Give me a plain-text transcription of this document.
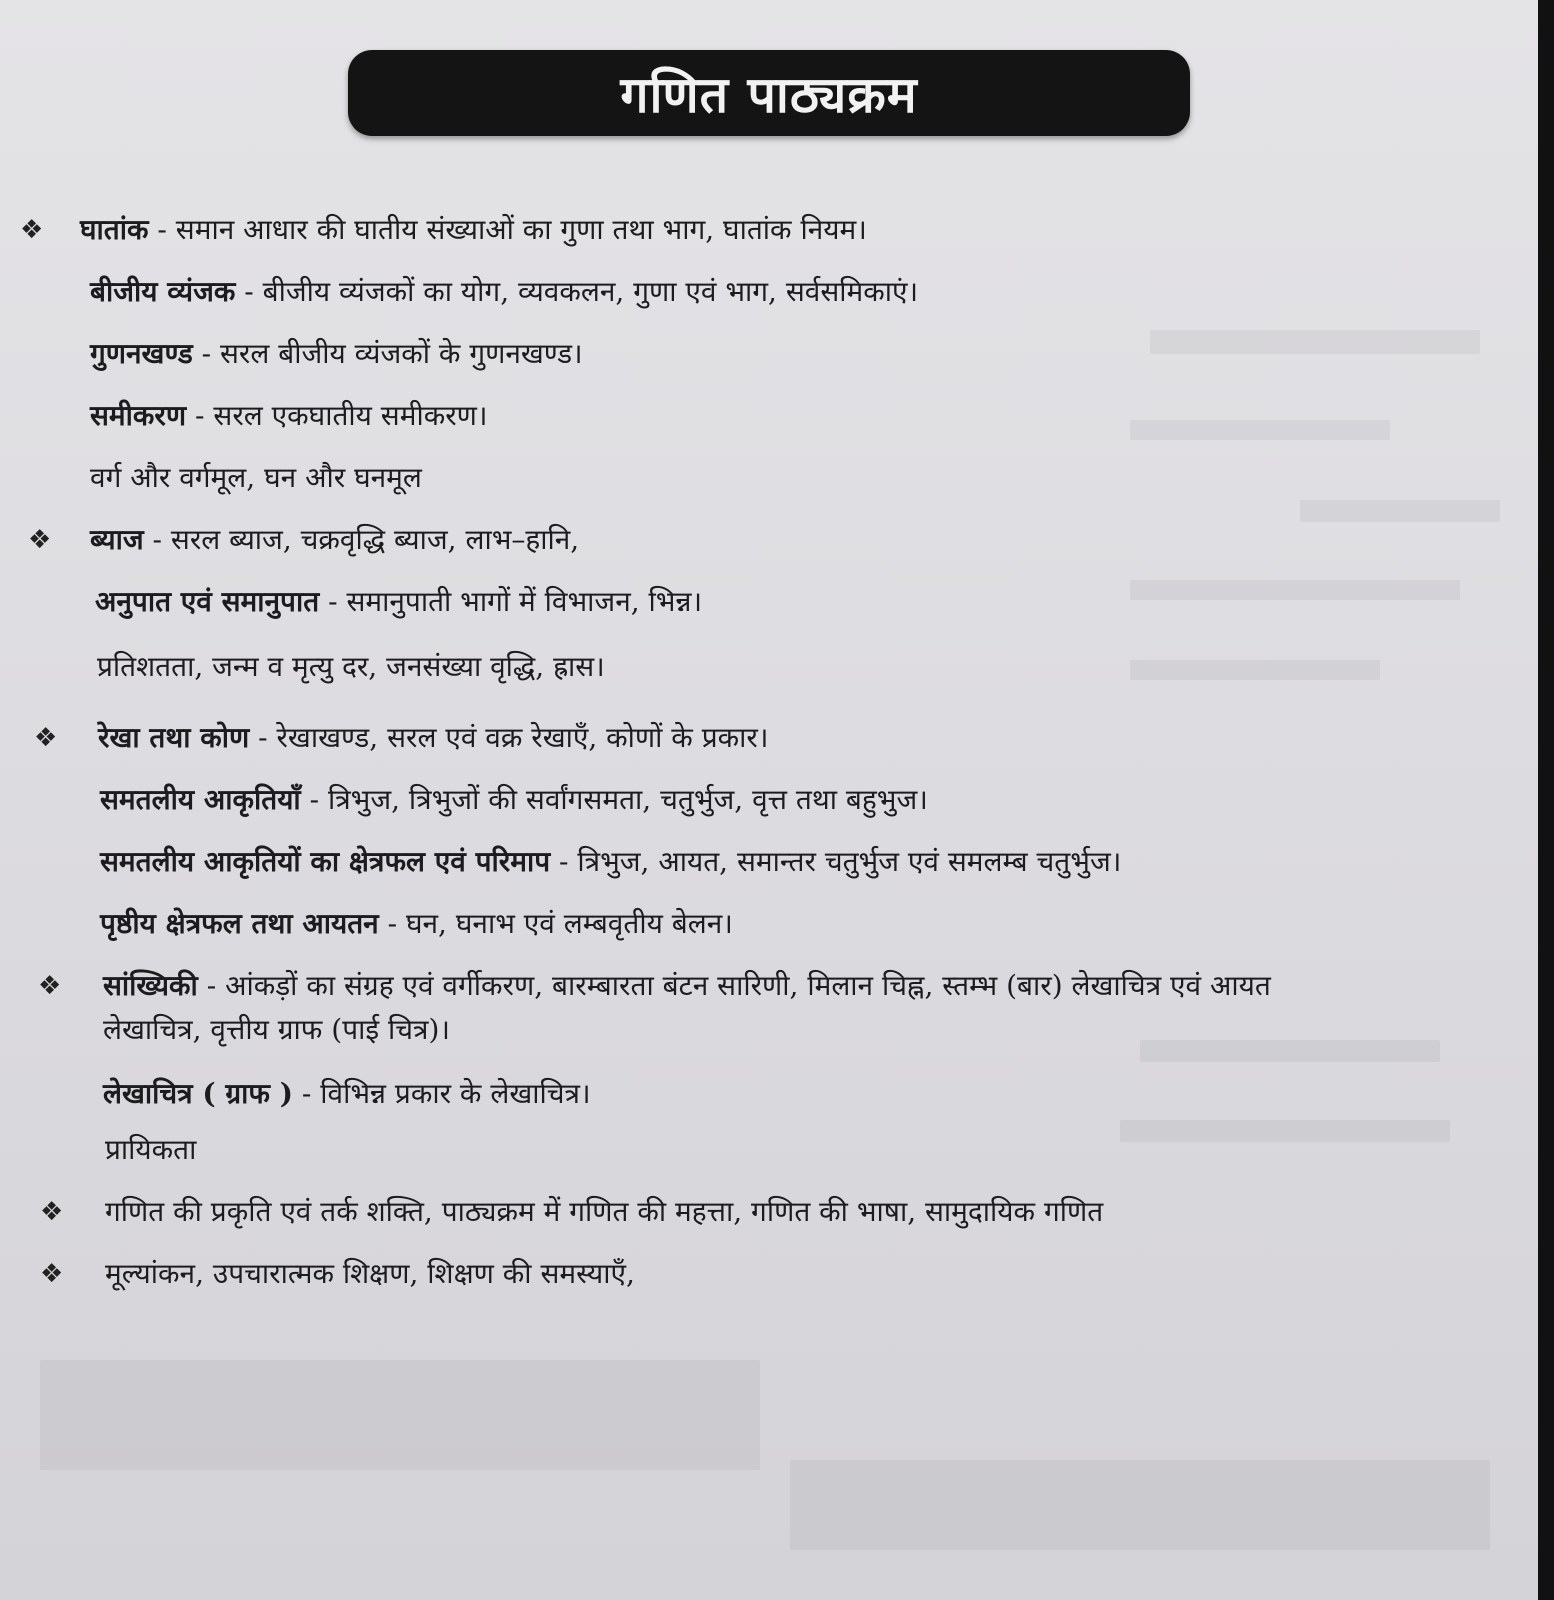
गणित पाठ्यक्रम
❖ घातांक - समान आधार की घातीय संख्याओं का गुणा तथा भाग, घातांक नियम।
बीजीय व्यंजक - बीजीय व्यंजकों का योग, व्यवकलन, गुणा एवं भाग, सर्वसमिकाएं।
गुणनखण्ड - सरल बीजीय व्यंजकों के गुणनखण्ड।
समीकरण - सरल एकघातीय समीकरण।
वर्ग और वर्गमूल, घन और घनमूल
❖ ब्याज - सरल ब्याज, चक्रवृद्धि ब्याज, लाभ–हानि,
अनुपात एवं समानुपात - समानुपाती भागों में विभाजन, भिन्न।
प्रतिशतता, जन्म व मृत्यु दर, जनसंख्या वृद्धि, ह्रास।
❖ रेखा तथा कोण - रेखाखण्ड, सरल एवं वक्र रेखाएँ, कोणों के प्रकार।
समतलीय आकृतियाँ - त्रिभुज, त्रिभुजों की सर्वांगसमता, चतुर्भुज, वृत्त तथा बहुभुज।
समतलीय आकृतियों का क्षेत्रफल एवं परिमाप - त्रिभुज, आयत, समान्तर चतुर्भुज एवं समलम्ब चतुर्भुज।
पृष्ठीय क्षेत्रफल तथा आयतन - घन, घनाभ एवं लम्बवृतीय बेलन।
❖ सांख्यिकी - आंकड़ों का संग्रह एवं वर्गीकरण, बारम्बारता बंटन सारिणी, मिलान चिह्न, स्तम्भ (बार) लेखाचित्र एवं आयत
लेखाचित्र, वृत्तीय ग्राफ (पाई चित्र)।
लेखाचित्र ( ग्राफ ) - विभिन्न प्रकार के लेखाचित्र।
प्रायिकता
❖ गणित की प्रकृति एवं तर्क शक्ति, पाठ्यक्रम में गणित की महत्ता, गणित की भाषा, सामुदायिक गणित
❖ मूल्यांकन, उपचारात्मक शिक्षण, शिक्षण की समस्याएँ,
